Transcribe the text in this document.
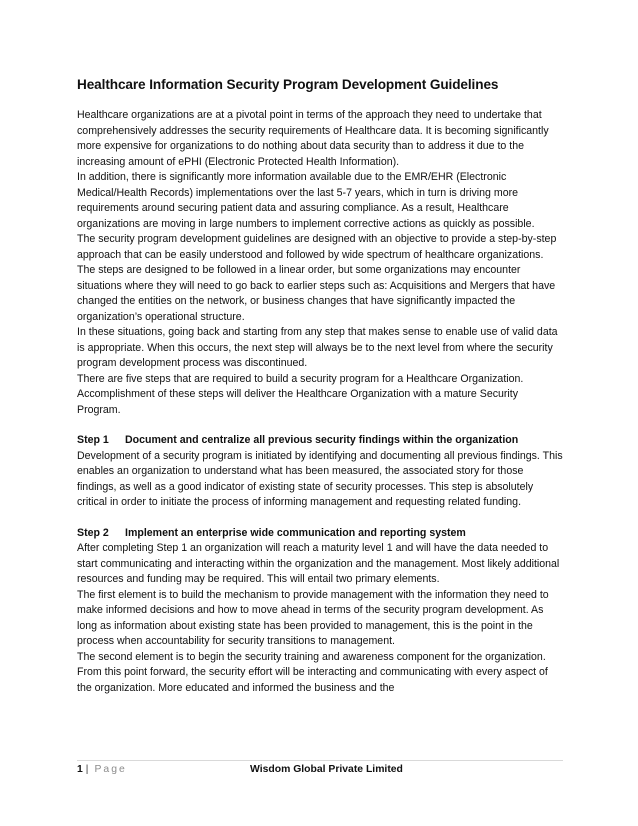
Healthcare Information Security Program Development Guidelines

Healthcare organizations are at a pivotal point in terms of the approach they need to undertake that comprehensively addresses the security requirements of Healthcare data. It is becoming significantly more expensive for organizations to do nothing about data security than to address it due to the increasing amount of ePHI (Electronic Protected Health Information).

In addition, there is significantly more information available due to the EMR/EHR (Electronic Medical/Health Records) implementations over the last 5-7 years, which in turn is driving more requirements around securing patient data and assuring compliance. As a result, Healthcare organizations are moving in large numbers to implement corrective actions as quickly as possible.

The security program development guidelines are designed with an objective to provide a step-by-step approach that can be easily understood and followed by wide spectrum of healthcare organizations. The steps are designed to be followed in a linear order, but some organizations may encounter situations where they will need to go back to earlier steps such as: Acquisitions and Mergers that have changed the entities on the network, or business changes that have significantly impacted the organization’s operational structure.

In these situations, going back and starting from any step that makes sense to enable use of valid data is appropriate. When this occurs, the next step will always be to the next level from where the security program development process was discontinued.

There are five steps that are required to build a security program for a Healthcare Organization. Accomplishment of these steps will deliver the Healthcare Organization with a mature Security Program.

Step 1 Document and centralize all previous security findings within the organization

Development of a security program is initiated by identifying and documenting all previous findings. This enables an organization to understand what has been measured, the associated story for those findings, as well as a good indicator of existing state of security processes. This step is absolutely critical in order to initiate the process of informing management and requesting related funding.

Step 2 Implement an enterprise wide communication and reporting system

After completing Step 1 an organization will reach a maturity level 1 and will have the data needed to start communicating and interacting within the organization and the management. Most likely additional resources and funding may be required. This will entail two primary elements.

The first element is to build the mechanism to provide management with the information they need to make informed decisions and how to move ahead in terms of the security program development. As long as information about existing state has been provided to management, this is the point in the process when accountability for security transitions to management.

The second element is to begin the security training and awareness component for the organization. From this point forward, the security effort will be interacting and communicating with every aspect of the organization. More educated and informed the business and the

1 | Page	Wisdom Global Private Limited
